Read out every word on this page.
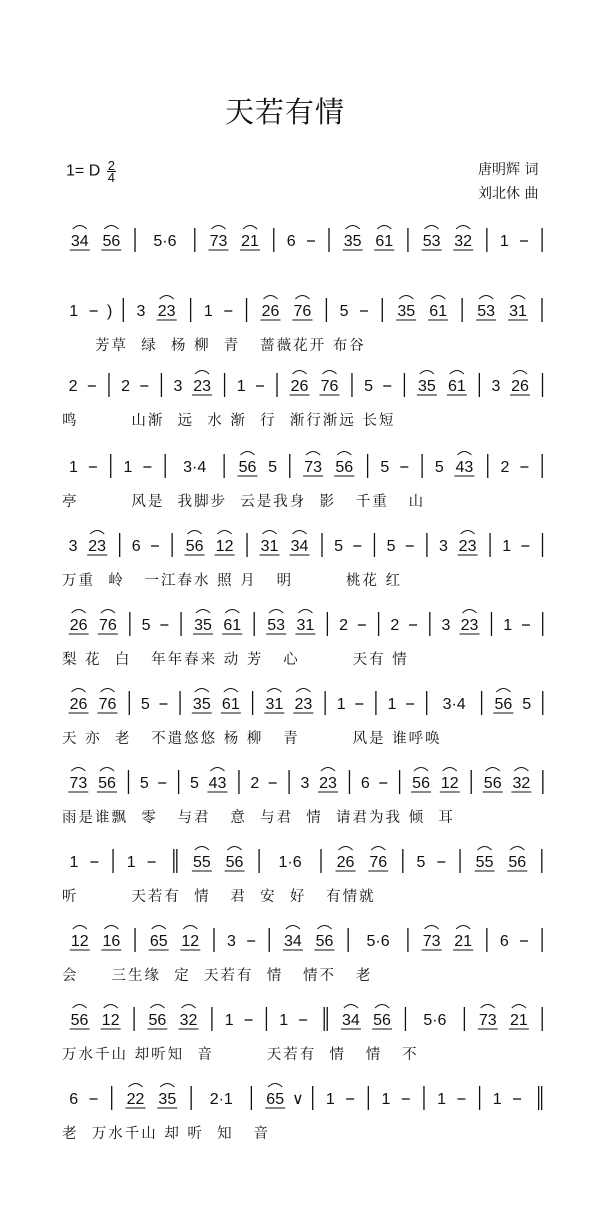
天若有情
1= D $\frac{2}{4}$	唐明辉 词
刘北休 曲
34 56 5·6 73 21 6	35 61 53 32 1
1 ) 3 23 1	26 76 5	35 61 53 31
芳草  绿  杨 柳  青   蔷薇花开 布谷
2	2	3 23 1	26 76 5	35 61 3 26
鸣        山渐  远  水 渐  行  渐行渐远 长短
1	1	3·4 56 5 73 56 5	5 43 2
亭        风是  我脚步  云是我身  影   千重   山
3 23 6	56 12 31 34 5	5	3 23 1
万重  岭   一江春水 照 月   明        桃花 红
26 76 5	35 61 53 31 2	2	3 23 1
梨 花  白   年年春来 动 芳   心        天有 情
26 76 5	35 61 31 23 1	1	3·4 56 5
天 亦  老   不遣悠悠 杨 柳   青        风是 谁呼唤
73 56 5	5 43 2	3 23 6	56 12 56 32
雨是谁飘  零   与君   意  与君  情  请君为我 倾  耳
1	1	55 56 1·6 26 76 5	55 56
听        天若有  情   君  安  好   有情就
12 16 65 12 3	34 56 5·6 73 21 6
会     三生缘  定  天若有  情   情不   老
56 12 56 32 1	1	34 56 5·6 73 21
万水千山 却听知  音        天若有  情   情   不
6	22 35 2·1 65 ∨ 1	1	1	1
老  万水千山 却 听  知   音
